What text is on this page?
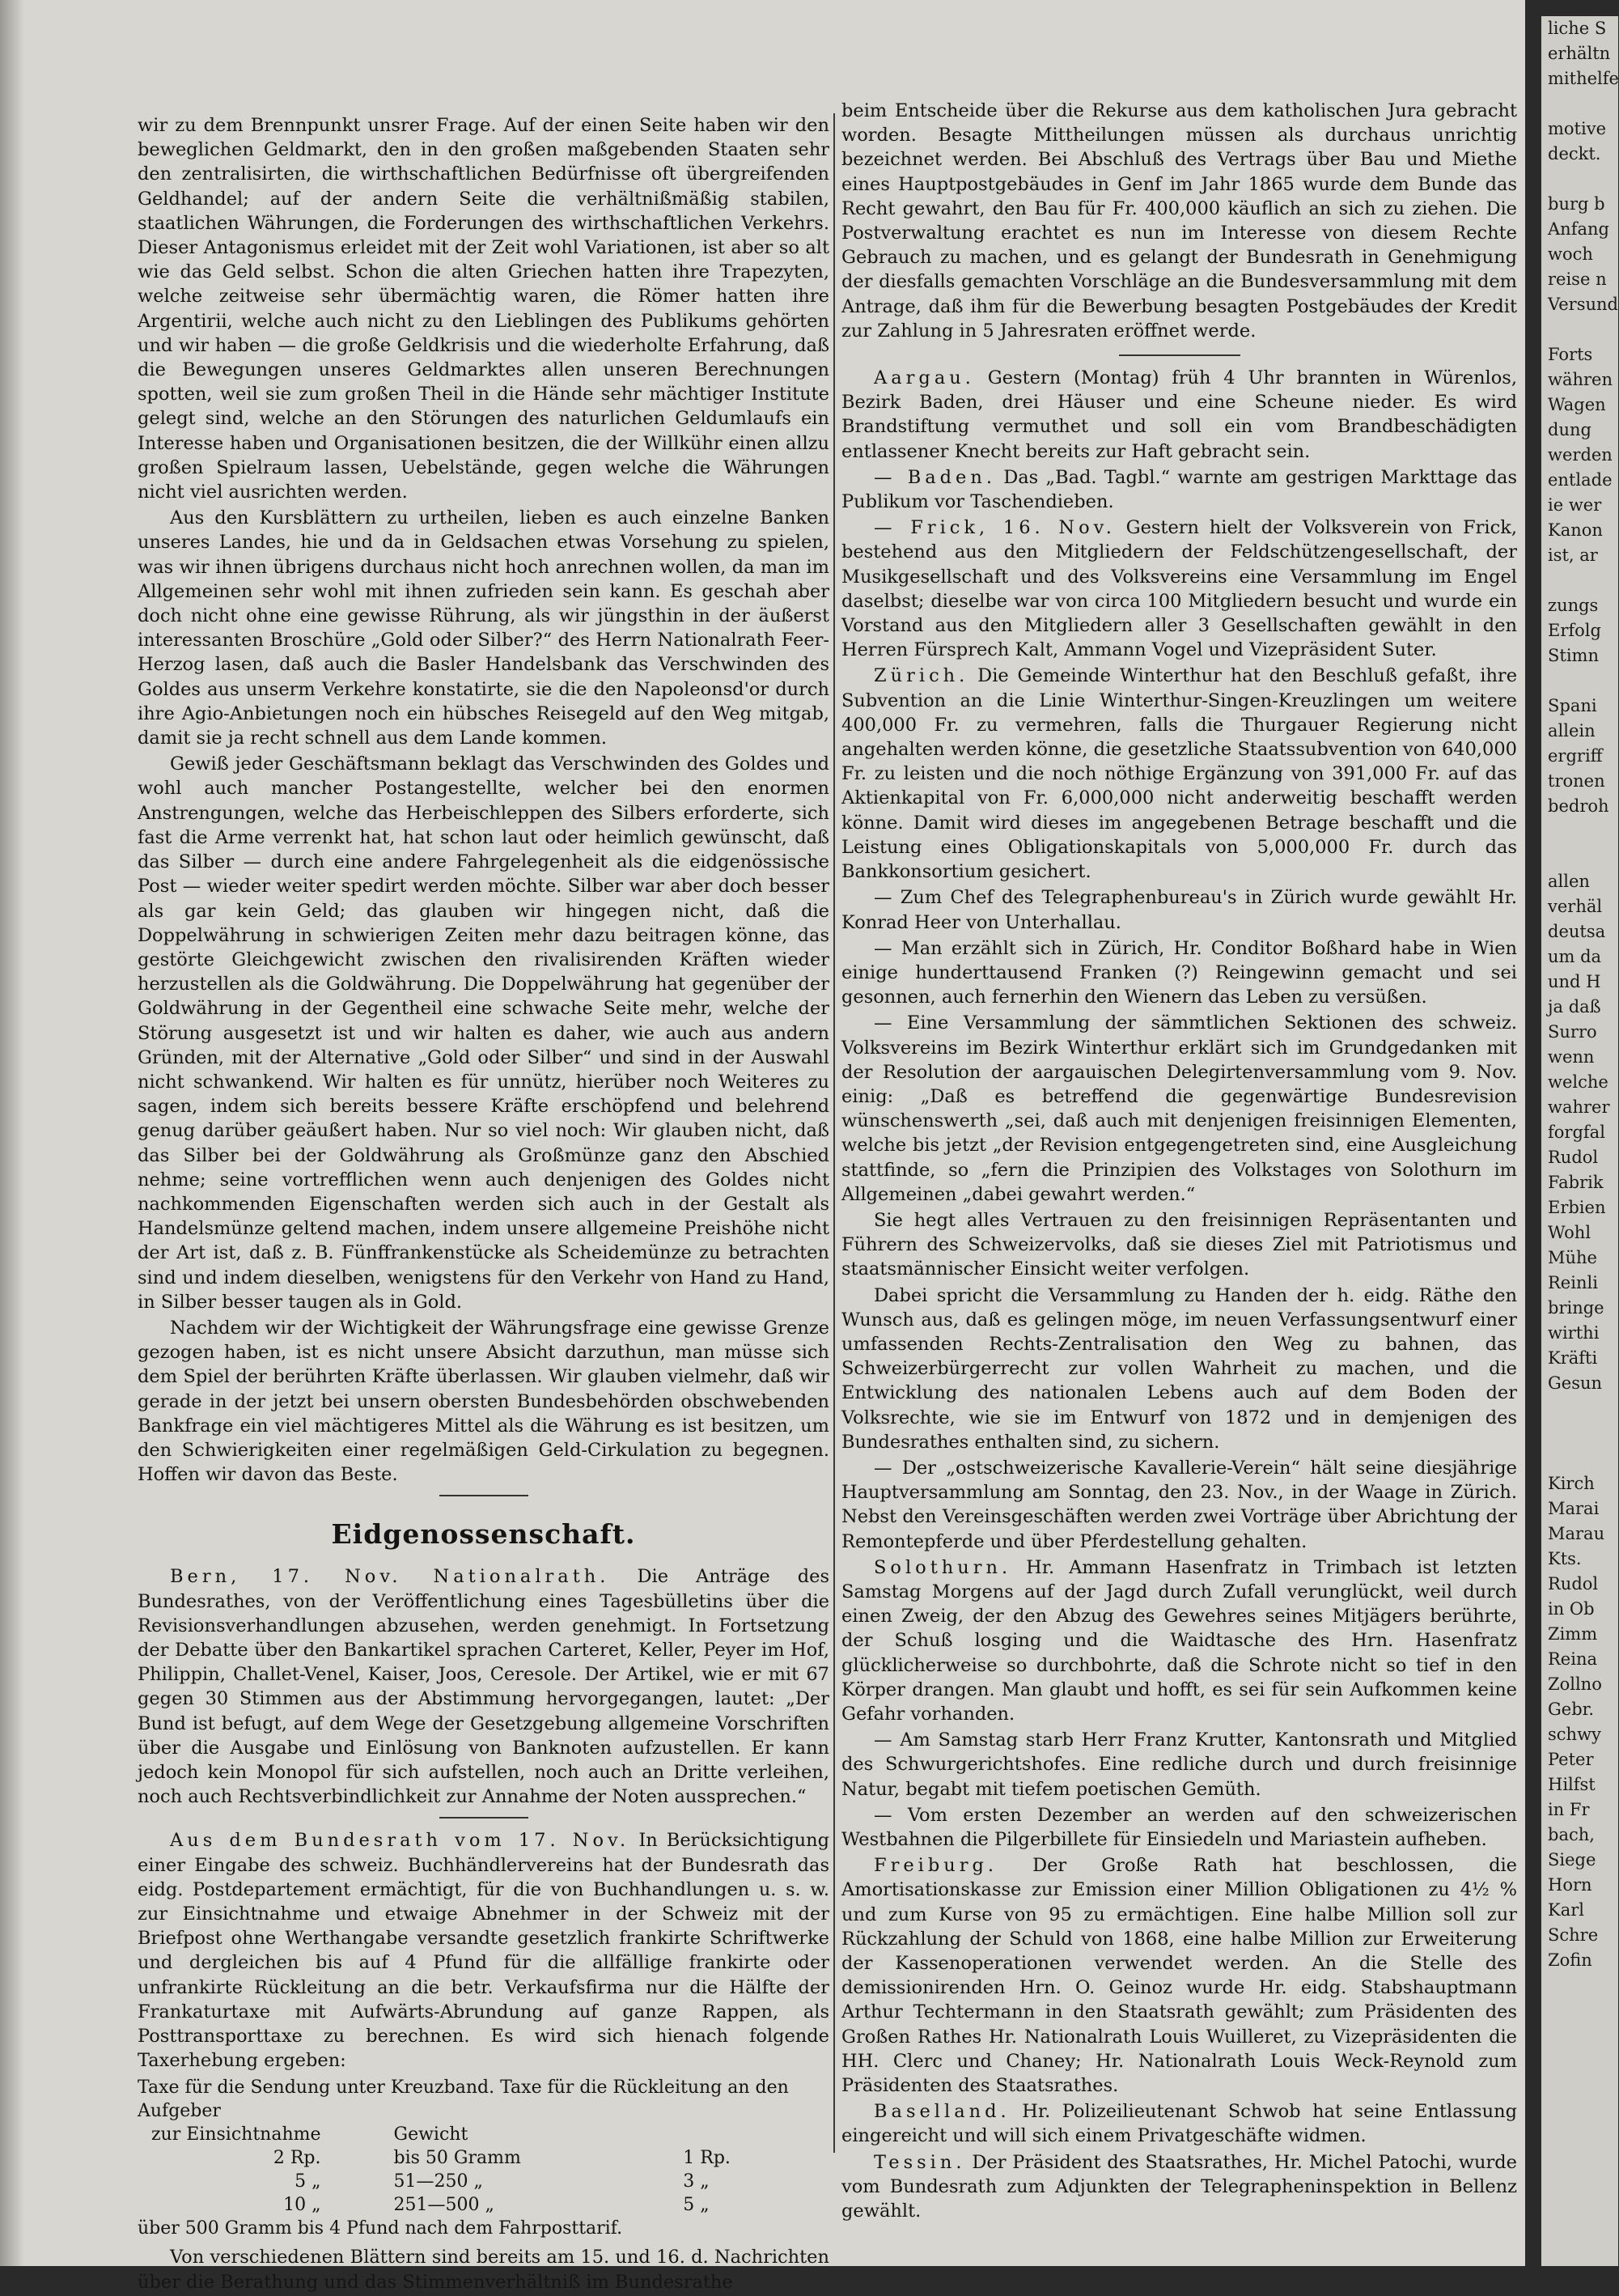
wir zu dem Brennpunkt unsrer Frage. Auf der einen Seite haben wir den beweglichen Geldmarkt, den in den großen maßgebenden Staaten sehr den zentralisirten, die wirthschaftlichen Bedürfnisse oft übergreifenden Geldhandel; auf der andern Seite die verhältnißmäßig stabilen, staatlichen Währungen, die Forderungen des wirthschaftlichen Verkehrs. Dieser Antagonismus erleidet mit der Zeit wohl Variationen, ist aber so alt wie das Geld selbst. Schon die alten Griechen hatten ihre Trapezyten, welche zeitweise sehr übermächtig waren, die Römer hatten ihre Argentirii, welche auch nicht zu den Lieblingen des Publikums gehörten und wir haben — die große Geldkrisis und die wiederholte Erfahrung, daß die Bewegungen unseres Geldmarktes allen unseren Berechnungen spotten, weil sie zum großen Theil in die Hände sehr mächtiger Institute gelegt sind, welche an den Störungen des naturlichen Geldumlaufs ein Interesse haben und Organisationen besitzen, die der Willkühr einen allzu großen Spielraum lassen, Uebelstände, gegen welche die Währungen nicht viel ausrichten werden.

Aus den Kursblättern zu urtheilen, lieben es auch einzelne Banken unseres Landes, hie und da in Geldsachen etwas Vorsehung zu spielen, was wir ihnen übrigens durchaus nicht hoch anrechnen wollen, da man im Allgemeinen sehr wohl mit ihnen zufrieden sein kann. Es geschah aber doch nicht ohne eine gewisse Rührung, als wir jüngsthin in der äußerst interessanten Broschüre „Gold oder Silber?“ des Herrn Nationalrath Feer-Herzog lasen, daß auch die Basler Handelsbank das Verschwinden des Goldes aus unserm Verkehre konstatirte, sie die den Napoleonsd'or durch ihre Agio-Anbietungen noch ein hübsches Reisegeld auf den Weg mitgab, damit sie ja recht schnell aus dem Lande kommen.

Gewiß jeder Geschäftsmann beklagt das Verschwinden des Goldes und wohl auch mancher Postangestellte, welcher bei den enormen Anstrengungen, welche das Herbeischleppen des Silbers erforderte, sich fast die Arme verrenkt hat, hat schon laut oder heimlich gewünscht, daß das Silber — durch eine andere Fahrgelegenheit als die eidgenössische Post — wieder weiter spedirt werden möchte. Silber war aber doch besser als gar kein Geld; das glauben wir hingegen nicht, daß die Doppelwährung in schwierigen Zeiten mehr dazu beitragen könne, das gestörte Gleichgewicht zwischen den rivalisirenden Kräften wieder herzustellen als die Goldwährung. Die Doppelwährung hat gegenüber der Goldwährung in der Gegentheil eine schwache Seite mehr, welche der Störung ausgesetzt ist und wir halten es daher, wie auch aus andern Gründen, mit der Alternative „Gold oder Silber“ und sind in der Auswahl nicht schwankend. Wir halten es für unnütz, hierüber noch Weiteres zu sagen, indem sich bereits bessere Kräfte erschöpfend und belehrend genug darüber geäußert haben. Nur so viel noch: Wir glauben nicht, daß das Silber bei der Goldwährung als Großmünze ganz den Abschied nehme; seine vortrefflichen wenn auch denjenigen des Goldes nicht nachkommenden Eigenschaften werden sich auch in der Gestalt als Handelsmünze geltend machen, indem unsere allgemeine Preishöhe nicht der Art ist, daß z. B. Fünffrankenstücke als Scheidemünze zu betrachten sind und indem dieselben, wenigstens für den Verkehr von Hand zu Hand, in Silber besser taugen als in Gold.

Nachdem wir der Wichtigkeit der Währungsfrage eine gewisse Grenze gezogen haben, ist es nicht unsere Absicht darzuthun, man müsse sich dem Spiel der berührten Kräfte überlassen. Wir glauben vielmehr, daß wir gerade in der jetzt bei unsern obersten Bundesbehörden obschwebenden Bankfrage ein viel mächtigeres Mittel als die Währung es ist besitzen, um den Schwierigkeiten einer regelmäßigen Geld-Cirkulation zu begegnen. Hoffen wir davon das Beste.

Eidgenossenschaft.

Bern, 17. Nov. Nationalrath. Die Anträge des Bundesrathes, von der Veröffentlichung eines Tagesbülletins über die Revisionsverhandlungen abzusehen, werden genehmigt. In Fortsetzung der Debatte über den Bankartikel sprachen Carteret, Keller, Peyer im Hof, Philippin, Challet-Venel, Kaiser, Joos, Ceresole. Der Artikel, wie er mit 67 gegen 30 Stimmen aus der Abstimmung hervorgegangen, lautet: „Der Bund ist befugt, auf dem Wege der Gesetzgebung allgemeine Vorschriften über die Ausgabe und Einlösung von Banknoten aufzustellen. Er kann jedoch kein Monopol für sich aufstellen, noch auch an Dritte verleihen, noch auch Rechtsverbindlichkeit zur Annahme der Noten aussprechen.“

Aus dem Bundesrath vom 17. Nov. In Berücksichtigung einer Eingabe des schweiz. Buchhändlervereins hat der Bundesrath das eidg. Postdepartement ermächtigt, für die von Buchhandlungen u. s. w. zur Einsichtnahme und etwaige Abnehmer in der Schweiz mit der Briefpost ohne Werthangabe versandte gesetzlich frankirte Schriftwerke und dergleichen bis auf 4 Pfund für die allfällige frankirte oder unfrankirte Rückleitung an die betr. Verkaufsfirma nur die Hälfte der Frankaturtaxe mit Aufwärts-Abrundung auf ganze Rappen, als Posttransporttaxe zu berechnen. Es wird sich hienach folgende Taxerhebung ergeben:

Taxe für die Sendung unter Kreuzband. Taxe für die Rückleitung an den Aufgeber
zur Einsichtnahme	Gewicht	
2 Rp.	bis 50 Gramm	1 Rp.
5 „	51—250 „	3 „
10 „	251—500 „	5 „
über 500 Gramm bis 4 Pfund nach dem Fahrposttarif.

Von verschiedenen Blättern sind bereits am 15. und 16. d. Nachrichten über die Berathung und das Stimmenverhältniß im Bundesrathe

beim Entscheide über die Rekurse aus dem katholischen Jura gebracht worden. Besagte Mittheilungen müssen als durchaus unrichtig bezeichnet werden. Bei Abschluß des Vertrags über Bau und Miethe eines Hauptpostgebäudes in Genf im Jahr 1865 wurde dem Bunde das Recht gewahrt, den Bau für Fr. 400,000 käuflich an sich zu ziehen. Die Postverwaltung erachtet es nun im Interesse von diesem Rechte Gebrauch zu machen, und es gelangt der Bundesrath in Genehmigung der diesfalls gemachten Vorschläge an die Bundesversammlung mit dem Antrage, daß ihm für die Bewerbung besagten Postgebäudes der Kredit zur Zahlung in 5 Jahresraten eröffnet werde.

Aargau. Gestern (Montag) früh 4 Uhr brannten in Würenlos, Bezirk Baden, drei Häuser und eine Scheune nieder. Es wird Brandstiftung vermuthet und soll ein vom Brandbeschädigten entlassener Knecht bereits zur Haft gebracht sein.

— Baden. Das „Bad. Tagbl.“ warnte am gestrigen Markttage das Publikum vor Taschendieben.

— Frick, 16. Nov. Gestern hielt der Volksverein von Frick, bestehend aus den Mitgliedern der Feldschützengesellschaft, der Musikgesellschaft und des Volksvereins eine Versammlung im Engel daselbst; dieselbe war von circa 100 Mitgliedern besucht und wurde ein Vorstand aus den Mitgliedern aller 3 Gesellschaften gewählt in den Herren Fürsprech Kalt, Ammann Vogel und Vizepräsident Suter.

Zürich. Die Gemeinde Winterthur hat den Beschluß gefaßt, ihre Subvention an die Linie Winterthur-Singen-Kreuzlingen um weitere 400,000 Fr. zu vermehren, falls die Thurgauer Regierung nicht angehalten werden könne, die gesetzliche Staatssubvention von 640,000 Fr. zu leisten und die noch nöthige Ergänzung von 391,000 Fr. auf das Aktienkapital von Fr. 6,000,000 nicht anderweitig beschafft werden könne. Damit wird dieses im angegebenen Betrage beschafft und die Leistung eines Obligationskapitals von 5,000,000 Fr. durch das Bankkonsortium gesichert.

— Zum Chef des Telegraphenbureau's in Zürich wurde gewählt Hr. Konrad Heer von Unterhallau.

— Man erzählt sich in Zürich, Hr. Conditor Boßhard habe in Wien einige hunderttausend Franken (?) Reingewinn gemacht und sei gesonnen, auch fernerhin den Wienern das Leben zu versüßen.

— Eine Versammlung der sämmtlichen Sektionen des schweiz. Volksvereins im Bezirk Winterthur erklärt sich im Grundgedanken mit der Resolution der aargauischen Delegirtenversammlung vom 9. Nov. einig: „Daß es betreffend die gegenwärtige Bundesrevision wünschenswerth „sei, daß auch mit denjenigen freisinnigen Elementen, welche bis jetzt „der Revision entgegengetreten sind, eine Ausgleichung stattfinde, so „fern die Prinzipien des Volkstages von Solothurn im Allgemeinen „dabei gewahrt werden.“

Sie hegt alles Vertrauen zu den freisinnigen Repräsentanten und Führern des Schweizervolks, daß sie dieses Ziel mit Patriotismus und staatsmännischer Einsicht weiter verfolgen.

Dabei spricht die Versammlung zu Handen der h. eidg. Räthe den Wunsch aus, daß es gelingen möge, im neuen Verfassungsentwurf einer umfassenden Rechts-Zentralisation den Weg zu bahnen, das Schweizerbürgerrecht zur vollen Wahrheit zu machen, und die Entwicklung des nationalen Lebens auch auf dem Boden der Volksrechte, wie sie im Entwurf von 1872 und in demjenigen des Bundesrathes enthalten sind, zu sichern.

— Der „ostschweizerische Kavallerie-Verein“ hält seine diesjährige Hauptversammlung am Sonntag, den 23. Nov., in der Waage in Zürich. Nebst den Vereinsgeschäften werden zwei Vorträge über Abrichtung der Remontepferde und über Pferdestellung gehalten.

Solothurn. Hr. Ammann Hasenfratz in Trimbach ist letzten Samstag Morgens auf der Jagd durch Zufall verunglückt, weil durch einen Zweig, der den Abzug des Gewehres seines Mitjägers berührte, der Schuß losging und die Waidtasche des Hrn. Hasenfratz glücklicherweise so durchbohrte, daß die Schrote nicht so tief in den Körper drangen. Man glaubt und hofft, es sei für sein Aufkommen keine Gefahr vorhanden.

— Am Samstag starb Herr Franz Krutter, Kantonsrath und Mitglied des Schwurgerichtshofes. Eine redliche durch und durch freisinnige Natur, begabt mit tiefem poetischen Gemüth.

— Vom ersten Dezember an werden auf den schweizerischen Westbahnen die Pilgerbillete für Einsiedeln und Mariastein aufheben.

Freiburg. Der Große Rath hat beschlossen, die Amortisationskasse zur Emission einer Million Obligationen zu 4½ % und zum Kurse von 95 zu ermächtigen. Eine halbe Million soll zur Rückzahlung der Schuld von 1868, eine halbe Million zur Erweiterung der Kassenoperationen verwendet werden. An die Stelle des demissionirenden Hrn. O. Geinoz wurde Hr. eidg. Stabshauptmann Arthur Techtermann in den Staatsrath gewählt; zum Präsidenten des Großen Rathes Hr. Nationalrath Louis Wuilleret, zu Vizepräsidenten die HH. Clerc und Chaney; Hr. Nationalrath Louis Weck-Reynold zum Präsidenten des Staatsrathes.

Baselland. Hr. Polizeilieutenant Schwob hat seine Entlassung eingereicht und will sich einem Privatgeschäfte widmen.

Tessin. Der Präsident des Staatsrathes, Hr. Michel Patochi, wurde vom Bundesrath zum Adjunkten der Telegrapheninspektion in Bellenz gewählt.

liche S
erhältn
mithelfe

motive
deckt.

burg b
Anfang
woch
reise n
Versund

Forts
währen
Wagen
dung
werden
entlade
ie wer
Kanon
ist, ar

zungs
Erfolg
Stimn

Spani
allein
ergriff
tronen
bedroh

allen
verhäl
deutsa
um da
und H
ja daß
Surro
wenn
welche
wahrer
forgfal
Rudol
Fabrik
Erbien
Wohl
Mühe
Reinli
bringe
wirthi
Kräfti
Gesun

Kirch
Marai
Marau
Kts.
Rudol
in Ob
Zimm
Reina
Zollno
Gebr.
schwy
Peter
Hilfst
in Fr
bach,
Siege
Horn
Karl
Schre
Zofin
